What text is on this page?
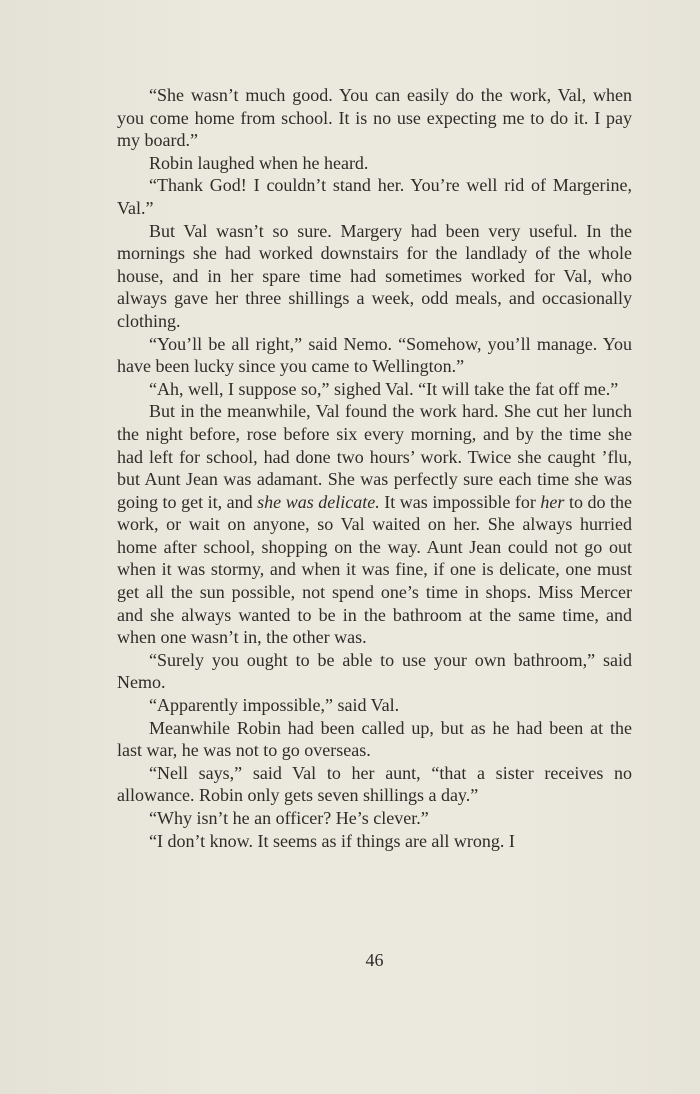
“She wasn’t much good. You can easily do the work, Val, when you come home from school. It is no use expecting me to do it. I pay my board.”

Robin laughed when he heard.

“Thank God! I couldn’t stand her. You’re well rid of Margerine, Val.”

But Val wasn’t so sure. Margery had been very useful. In the mornings she had worked downstairs for the landlady of the whole house, and in her spare time had sometimes worked for Val, who always gave her three shillings a week, odd meals, and occasionally clothing.

“You’ll be all right,” said Nemo. “Somehow, you’ll manage. You have been lucky since you came to Wellington.”

“Ah, well, I suppose so,” sighed Val. “It will take the fat off me.”

But in the meanwhile, Val found the work hard. She cut her lunch the night before, rose before six every morning, and by the time she had left for school, had done two hours’ work. Twice she caught ’flu, but Aunt Jean was adamant. She was perfectly sure each time she was going to get it, and she was delicate. It was impossible for her to do the work, or wait on anyone, so Val waited on her. She always hurried home after school, shopping on the way. Aunt Jean could not go out when it was stormy, and when it was fine, if one is delicate, one must get all the sun possible, not spend one’s time in shops. Miss Mercer and she always wanted to be in the bathroom at the same time, and when one wasn’t in, the other was.

“Surely you ought to be able to use your own bathroom,” said Nemo.

“Apparently impossible,” said Val.

Meanwhile Robin had been called up, but as he had been at the last war, he was not to go overseas.

“Nell says,” said Val to her aunt, “that a sister receives no allowance. Robin only gets seven shillings a day.”

“Why isn’t he an officer? He’s clever.”

“I don’t know. It seems as if things are all wrong. I

46
